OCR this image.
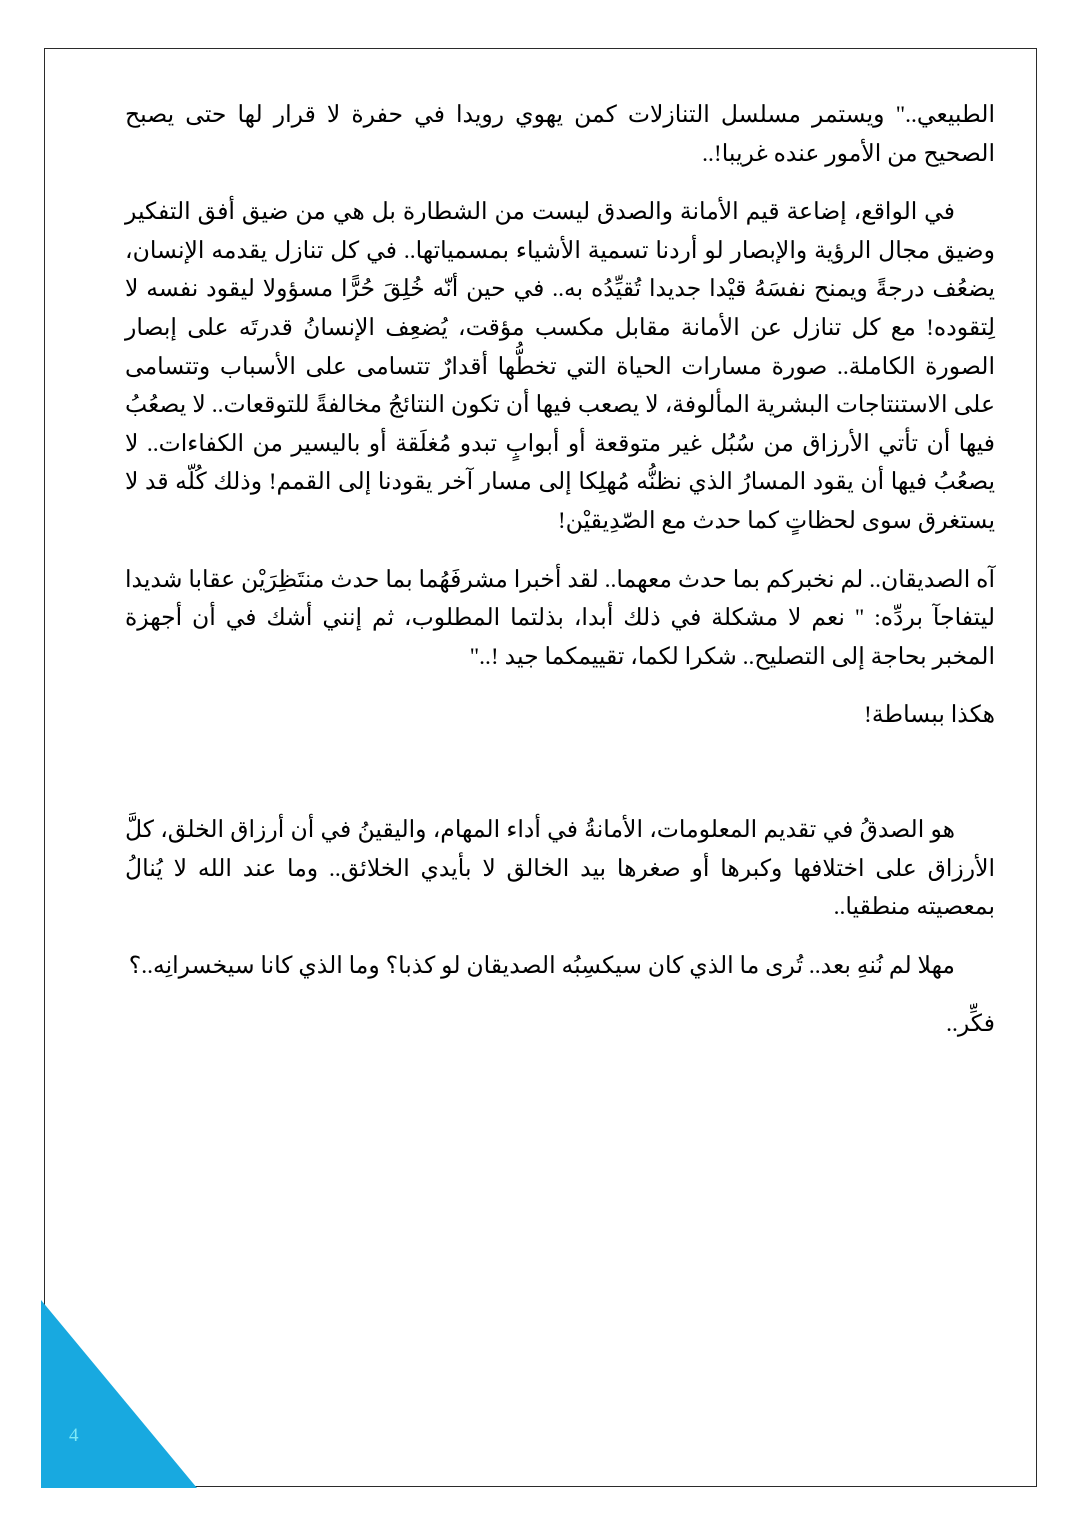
4

الطبيعي.." ويستمر مسلسل التنازلات كمن يهوي رويدا في حفرة لا قرار لها حتى يصبح الصحيح من الأمور عنده غريبا!..

في الواقع، إضاعة قيم الأمانة والصدق ليست من الشطارة بل هي من ضيق أفق التفكير وضيق مجال الرؤية والإبصار لو أردنا تسمية الأشياء بمسمياتها.. في كل تنازل يقدمه الإنسان، يضعُف درجةً ويمنح نفسَهُ قيْدا جديدا تُقيِّدُه به.. في حين أنّه خُلِقَ حُرًّا مسؤولا ليقود نفسه لا لِتقوده! مع كل تنازل عن الأمانة مقابل مكسب مؤقت، يُضعِف الإنسانُ قدرتَه على إبصار الصورة الكاملة.. صورة مسارات الحياة التي تخطُّها أقدارٌ تتسامى على الأسباب وتتسامى على الاستنتاجات البشرية المألوفة، لا يصعب فيها أن تكون النتائجُ مخالفةً للتوقعات.. لا يصعُبُ فيها أن تأتي الأرزاق من سُبُل غير متوقعة أو أبوابٍ تبدو مُغلَقة أو باليسير من الكفاءات.. لا يصعُبُ فيها أن يقود المسارُ الذي نظنُّه مُهلِكا إلى مسار آخر يقودنا إلى القمم! وذلك كُلّه قد لا يستغرق سوى لحظاتٍ كما حدث مع الصّدِيقيْن!

آه الصديقان.. لم نخبركم بما حدث معهما.. لقد أخبرا مشرفَهُما بما حدث منتَظِرَيْن عقابا شديدا ليتفاجآ بردِّه: " نعم لا مشكلة في ذلك أبدا، بذلتما المطلوب، ثم إنني أشك في أن أجهزة المخبر بحاجة إلى التصليح.. شكرا لكما، تقييمكما جيد !.."

هكذا ببساطة!

هو الصدقُ في تقديم المعلومات، الأمانةُ في أداء المهام، واليقينُ في أن أرزاق الخلق، كلَّ الأرزاق على اختلافها وكبرها أو صغرها بيد الخالق لا بأيدي الخلائق.. وما عند الله لا يُنالُ بمعصيته منطقيا..

مهلا لم نُنهِ بعد.. تُرى ما الذي كان سيكسِبُه الصديقان لو كذبا؟ وما الذي كانا سيخسرانِه..؟

فكِّر..
